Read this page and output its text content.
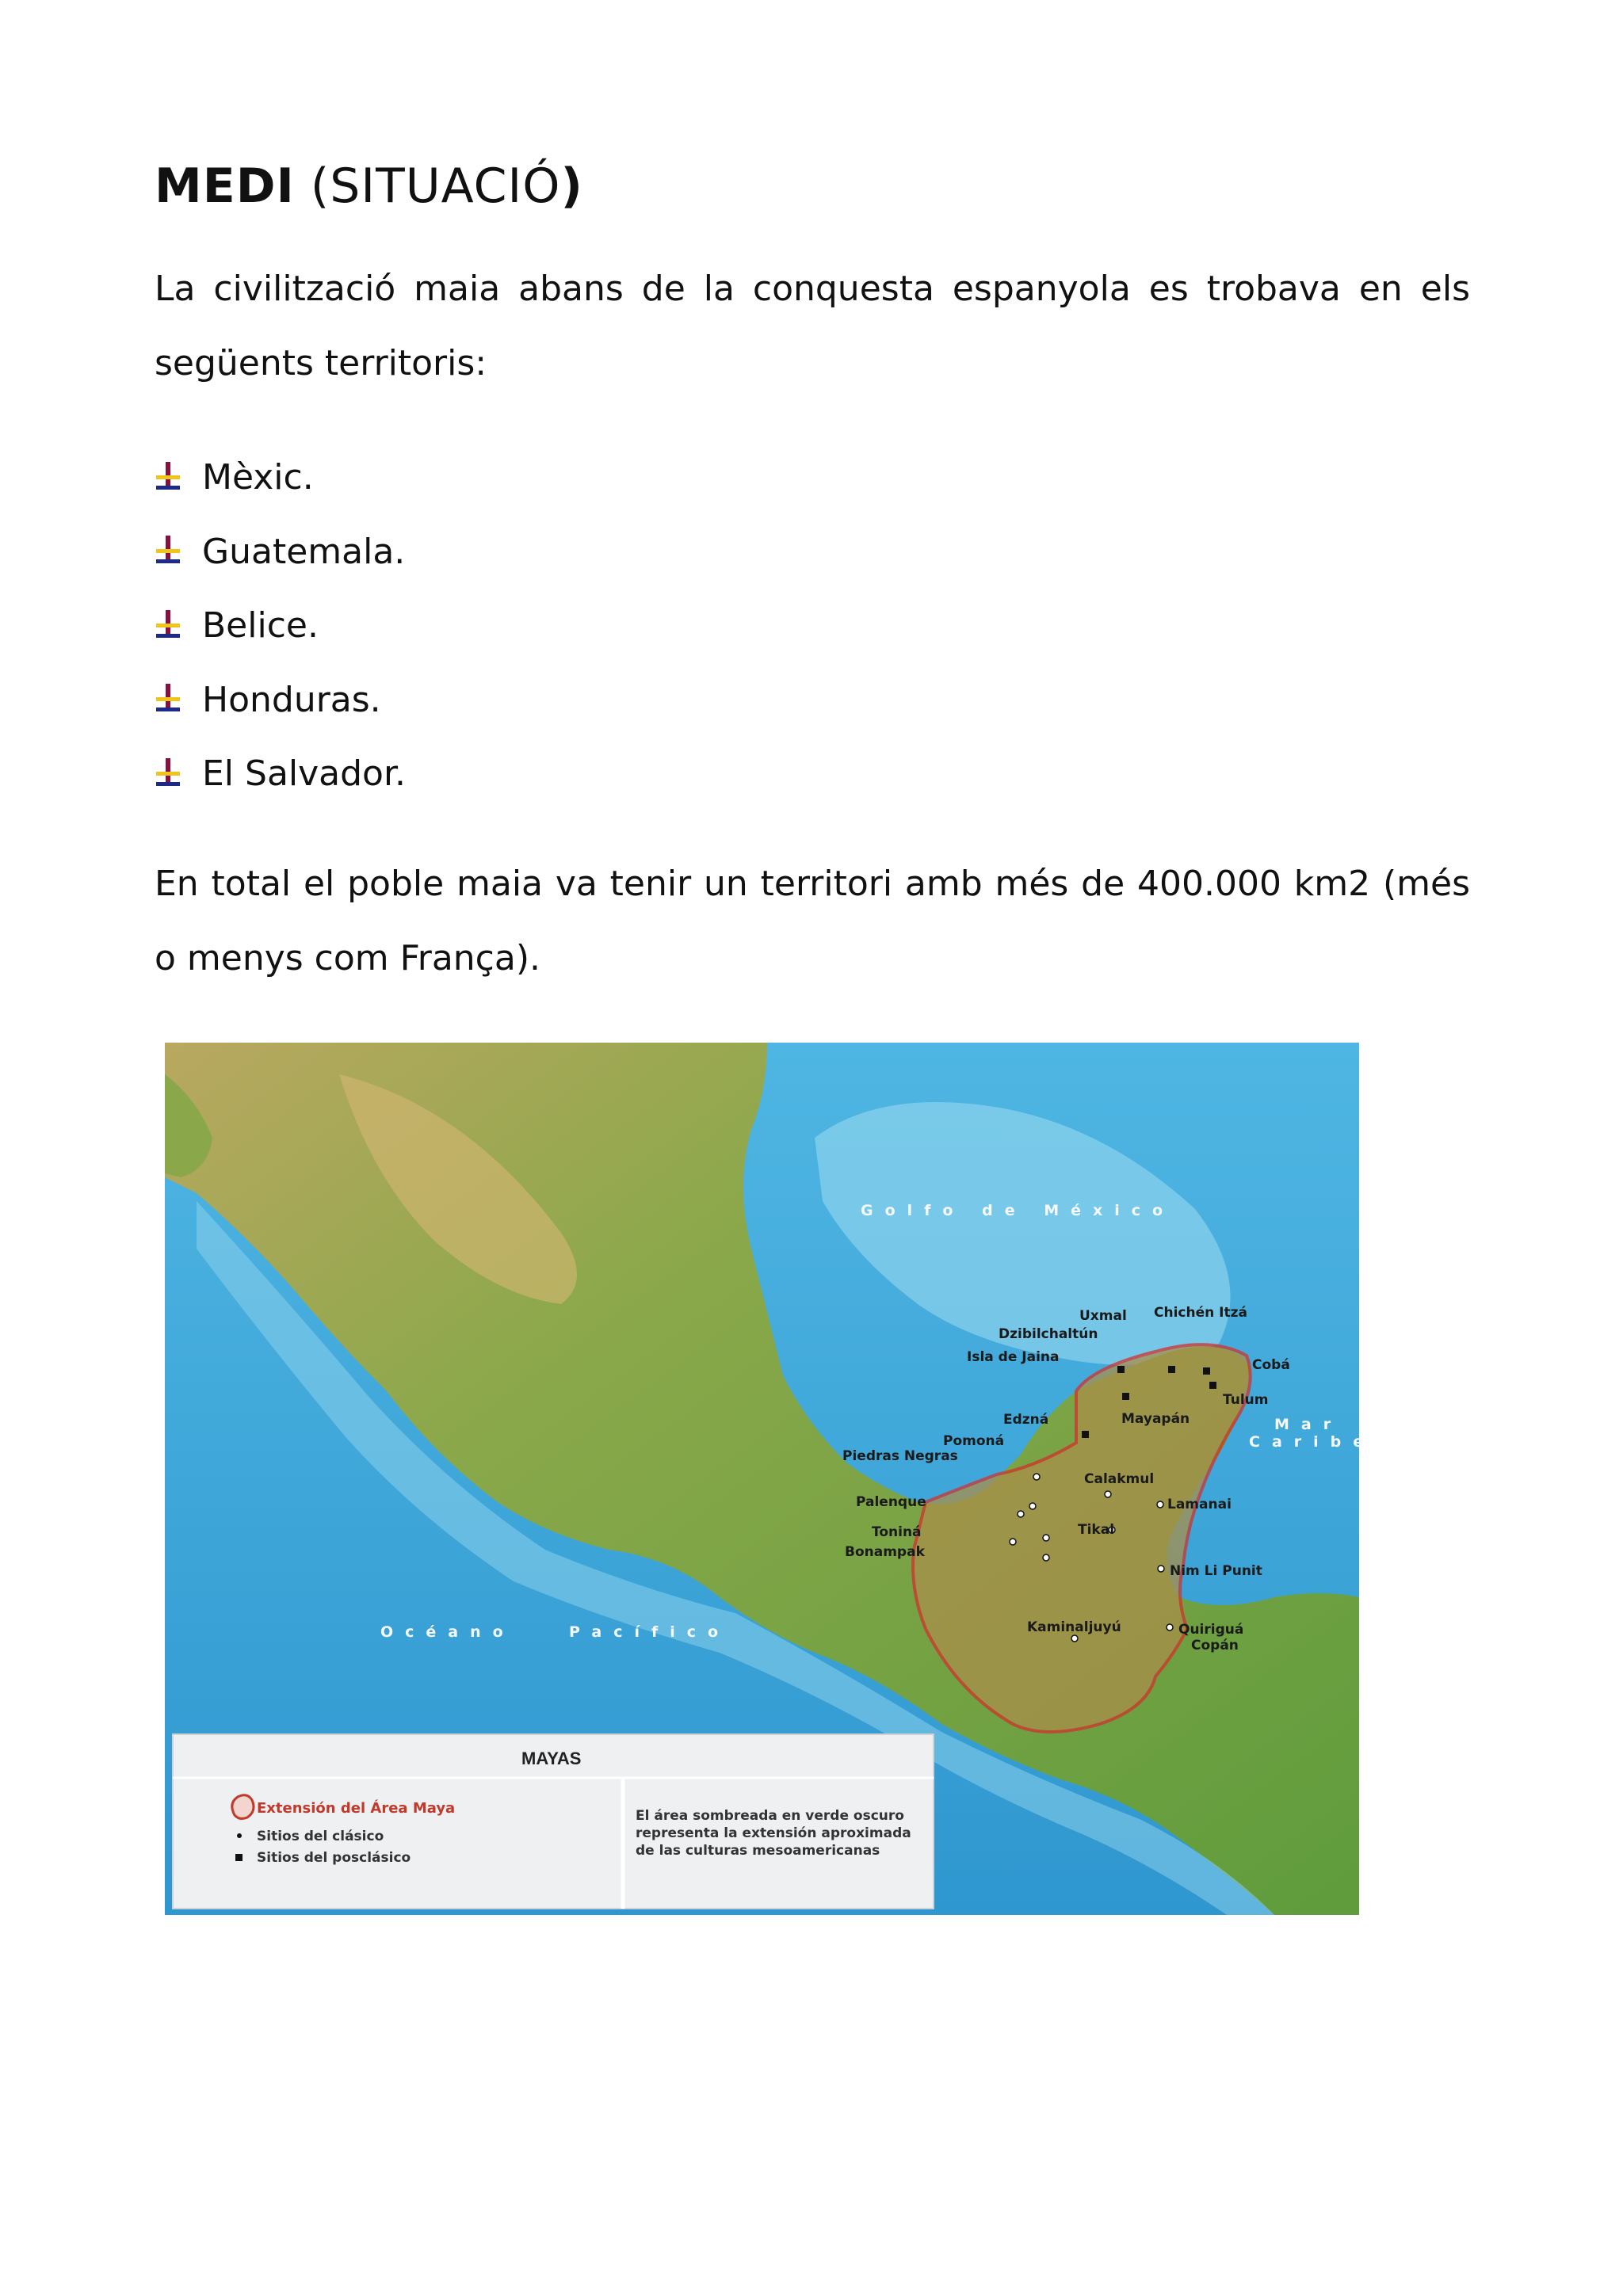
MEDI (SITUACIÓ)

La civilització maia abans de la conquesta espanyola es trobava en els següents territoris:

Mèxic.
Guatemala.
Belice.
Honduras.
El Salvador.

En total el poble maia va tenir un territori amb més de 400.000 km2 (més o menys com França).

Golfo de México
Mar
Caribe
Océano	Pacífico
Uxmal Chichén Itzá
Dzibilchaltún
Isla de Jaina	Cobá
Tulum
Edzná	Mayapán
Pomoná
Piedras Negras
Calakmul
Palenque	Lamanai
Toniná	Tikal
Bonampak
Nim Li Punit
Kaminaljuyú	Quiriguá
Copán
MAYAS
Extensión del Área Maya
Sitios del clásico
Sitios del posclásico
El área sombreada en verde oscuro
representa la extensión aproximada
de las culturas mesoamericanas
